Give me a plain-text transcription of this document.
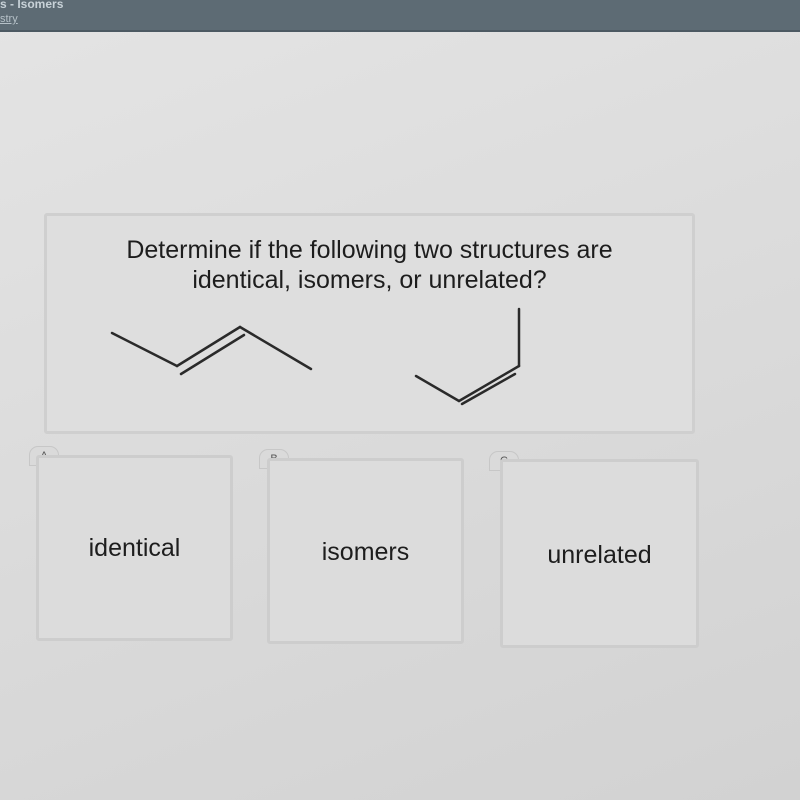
s - Isomers
stry
Determine if the following two structures are
identical, isomers, or unrelated?
identical	isomers	unrelated
